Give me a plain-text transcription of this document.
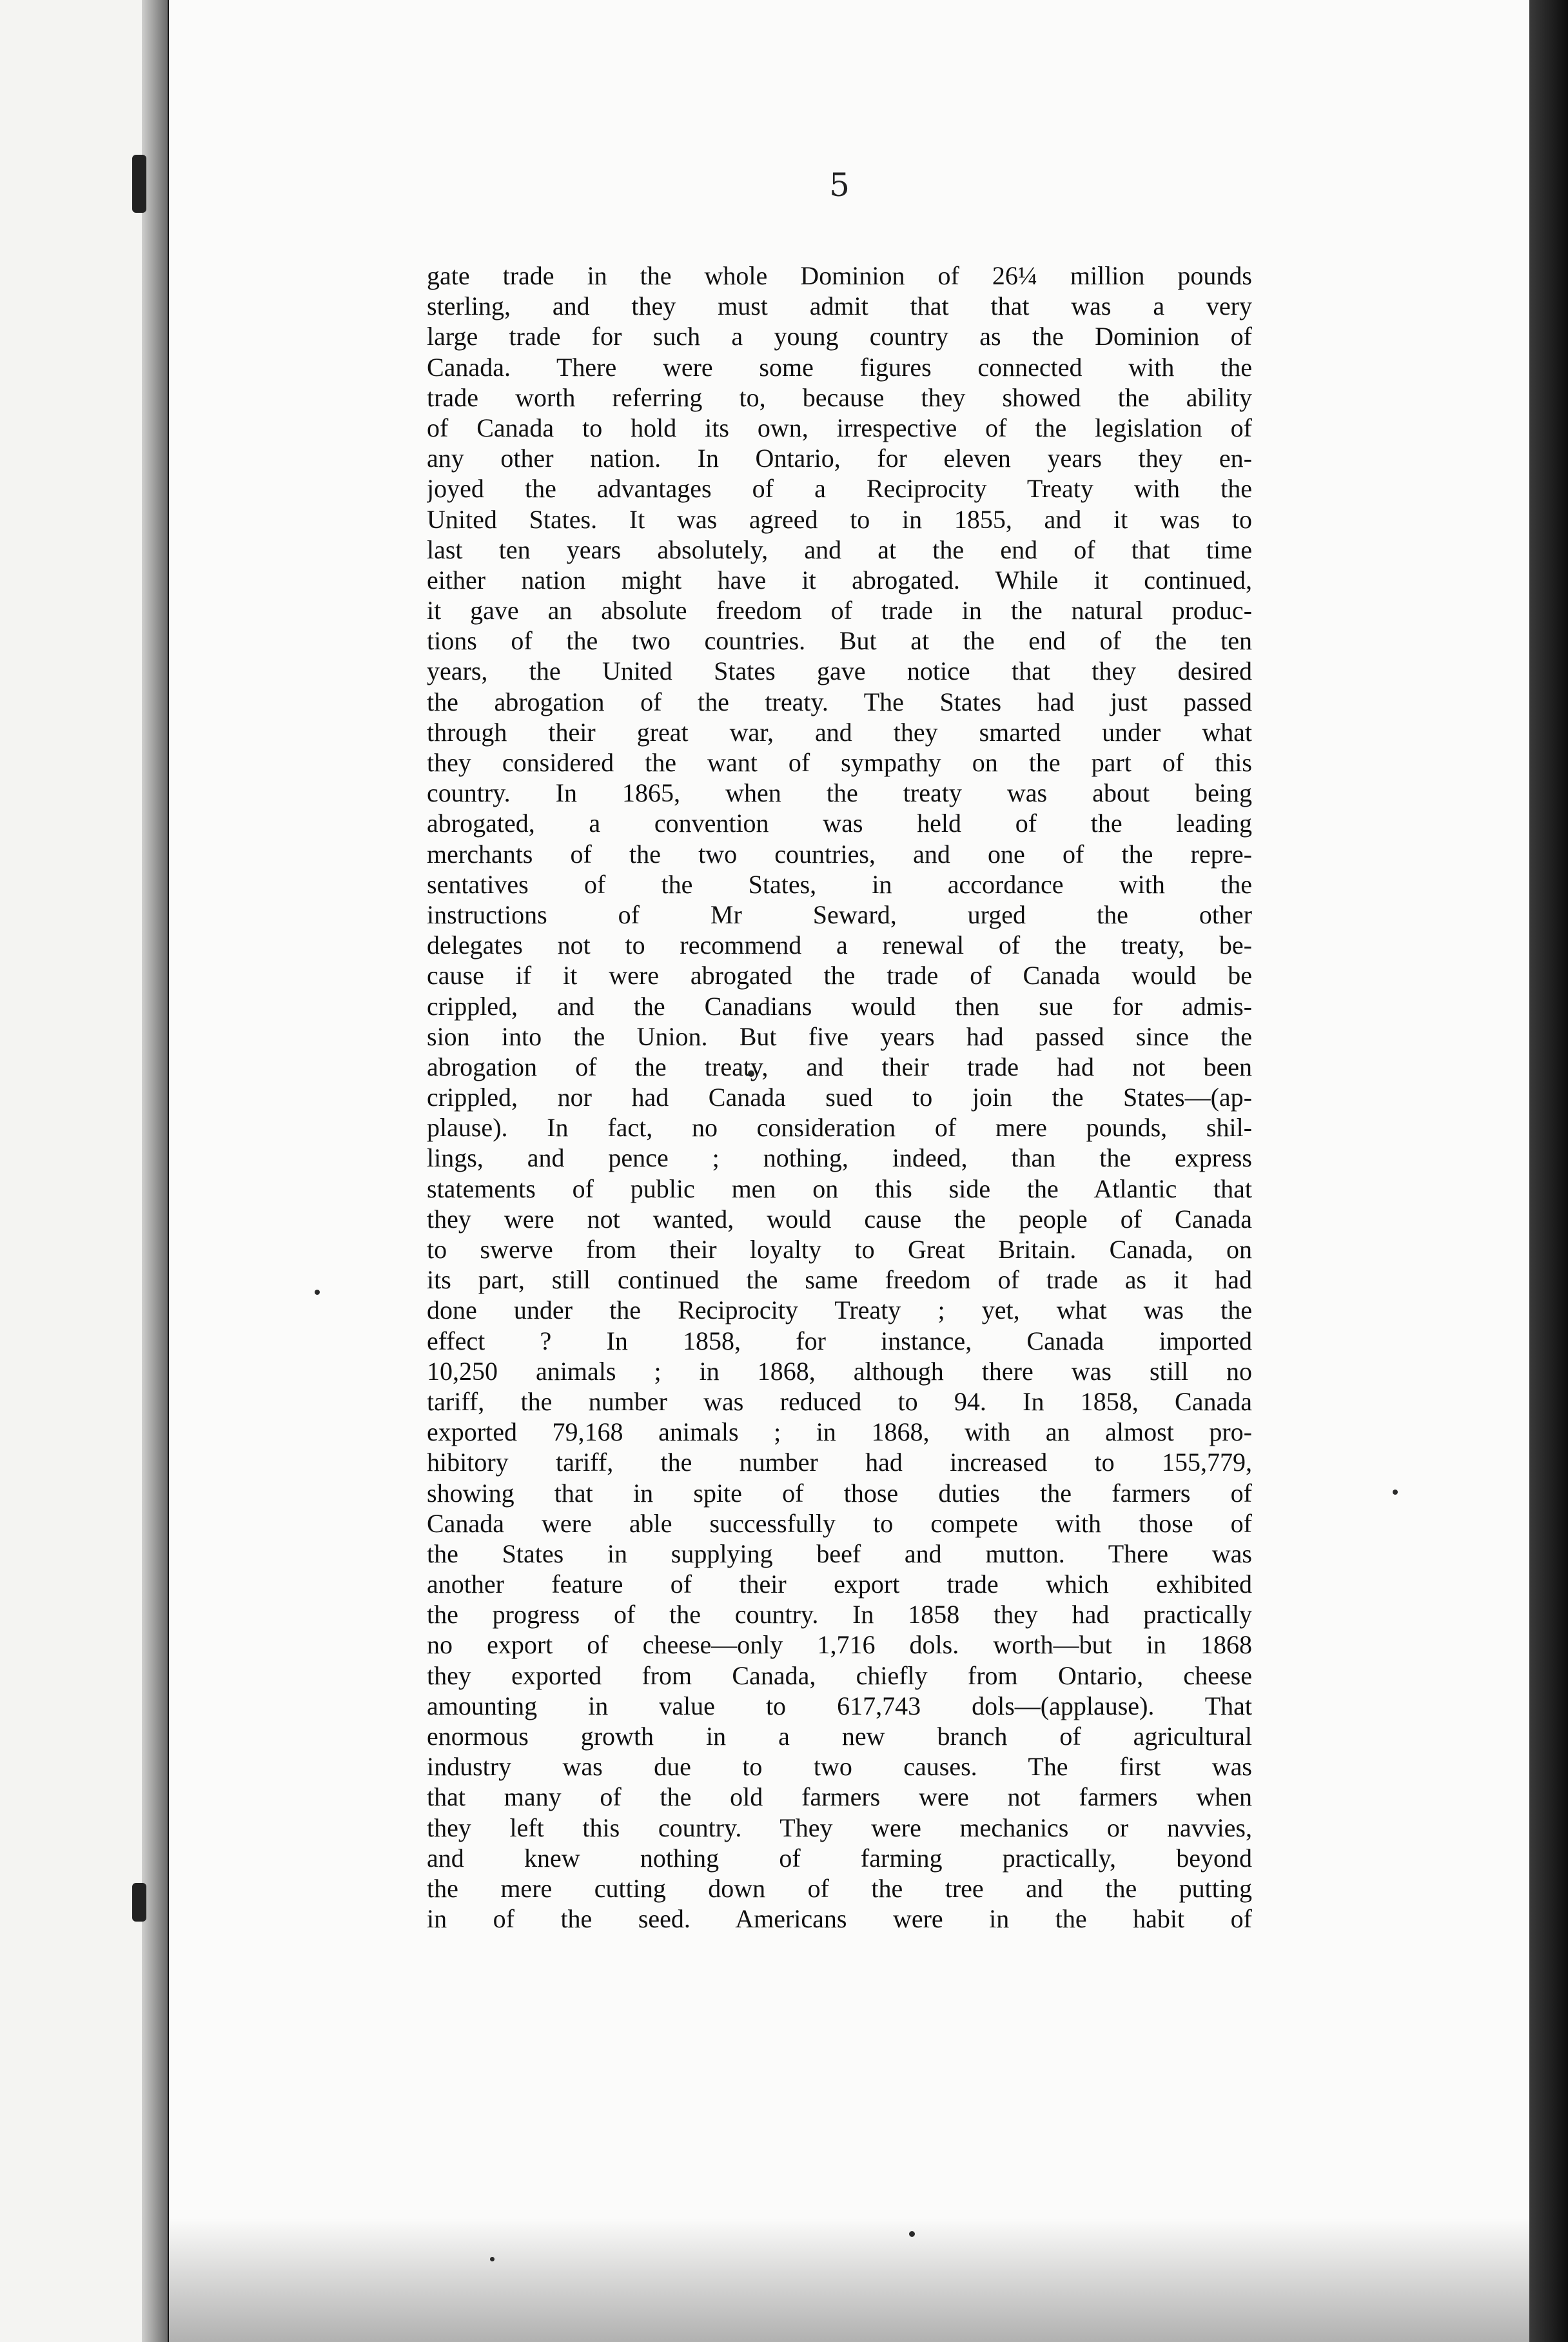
5
gate trade in the whole Dominion of 26¼ million pounds
sterling, and they must admit that that was a very
large trade for such a young country as the Dominion of
Canada. There were some figures connected with the
trade worth referring to, because they showed the ability
of Canada to hold its own, irrespective of the legislation of
any other nation. In Ontario, for eleven years they en-
joyed the advantages of a Reciprocity Treaty with the
United States. It was agreed to in 1855, and it was to
last ten years absolutely, and at the end of that time
either nation might have it abrogated. While it continued,
it gave an absolute freedom of trade in the natural produc-
tions of the two countries. But at the end of the ten
years, the United States gave notice that they desired
the abrogation of the treaty. The States had just passed
through their great war, and they smarted under what
they considered the want of sympathy on the part of this
country. In 1865, when the treaty was about being
abrogated, a convention was held of the leading
merchants of the two countries, and one of the repre-
sentatives of the States, in accordance with the
instructions of Mr Seward, urged the other
delegates not to recommend a renewal of the treaty, be-
cause if it were abrogated the trade of Canada would be
crippled, and the Canadians would then sue for admis-
sion into the Union. But five years had passed since the
abrogation of the treaty, and their trade had not been
crippled, nor had Canada sued to join the States—(ap-
plause). In fact, no consideration of mere pounds, shil-
lings, and pence ; nothing, indeed, than the express
statements of public men on this side the Atlantic that
they were not wanted, would cause the people of Canada
to swerve from their loyalty to Great Britain. Canada, on
its part, still continued the same freedom of trade as it had
done under the Reciprocity Treaty ; yet, what was the
effect ? In 1858, for instance, Canada imported
10,250 animals ; in 1868, although there was still no
tariff, the number was reduced to 94. In 1858, Canada
exported 79,168 animals ; in 1868, with an almost pro-
hibitory tariff, the number had increased to 155,779,
showing that in spite of those duties the farmers of
Canada were able successfully to compete with those of
the States in supplying beef and mutton. There was
another feature of their export trade which exhibited
the progress of the country. In 1858 they had practically
no export of cheese—only 1,716 dols. worth—but in 1868
they exported from Canada, chiefly from Ontario, cheese
amounting in value to 617,743 dols—(applause). That
enormous growth in a new branch of agricultural
industry was due to two causes. The first was
that many of the old farmers were not farmers when
they left this country. They were mechanics or navvies,
and knew nothing of farming practically, beyond
the mere cutting down of the tree and the putting
in of the seed. Americans were in the habit of
